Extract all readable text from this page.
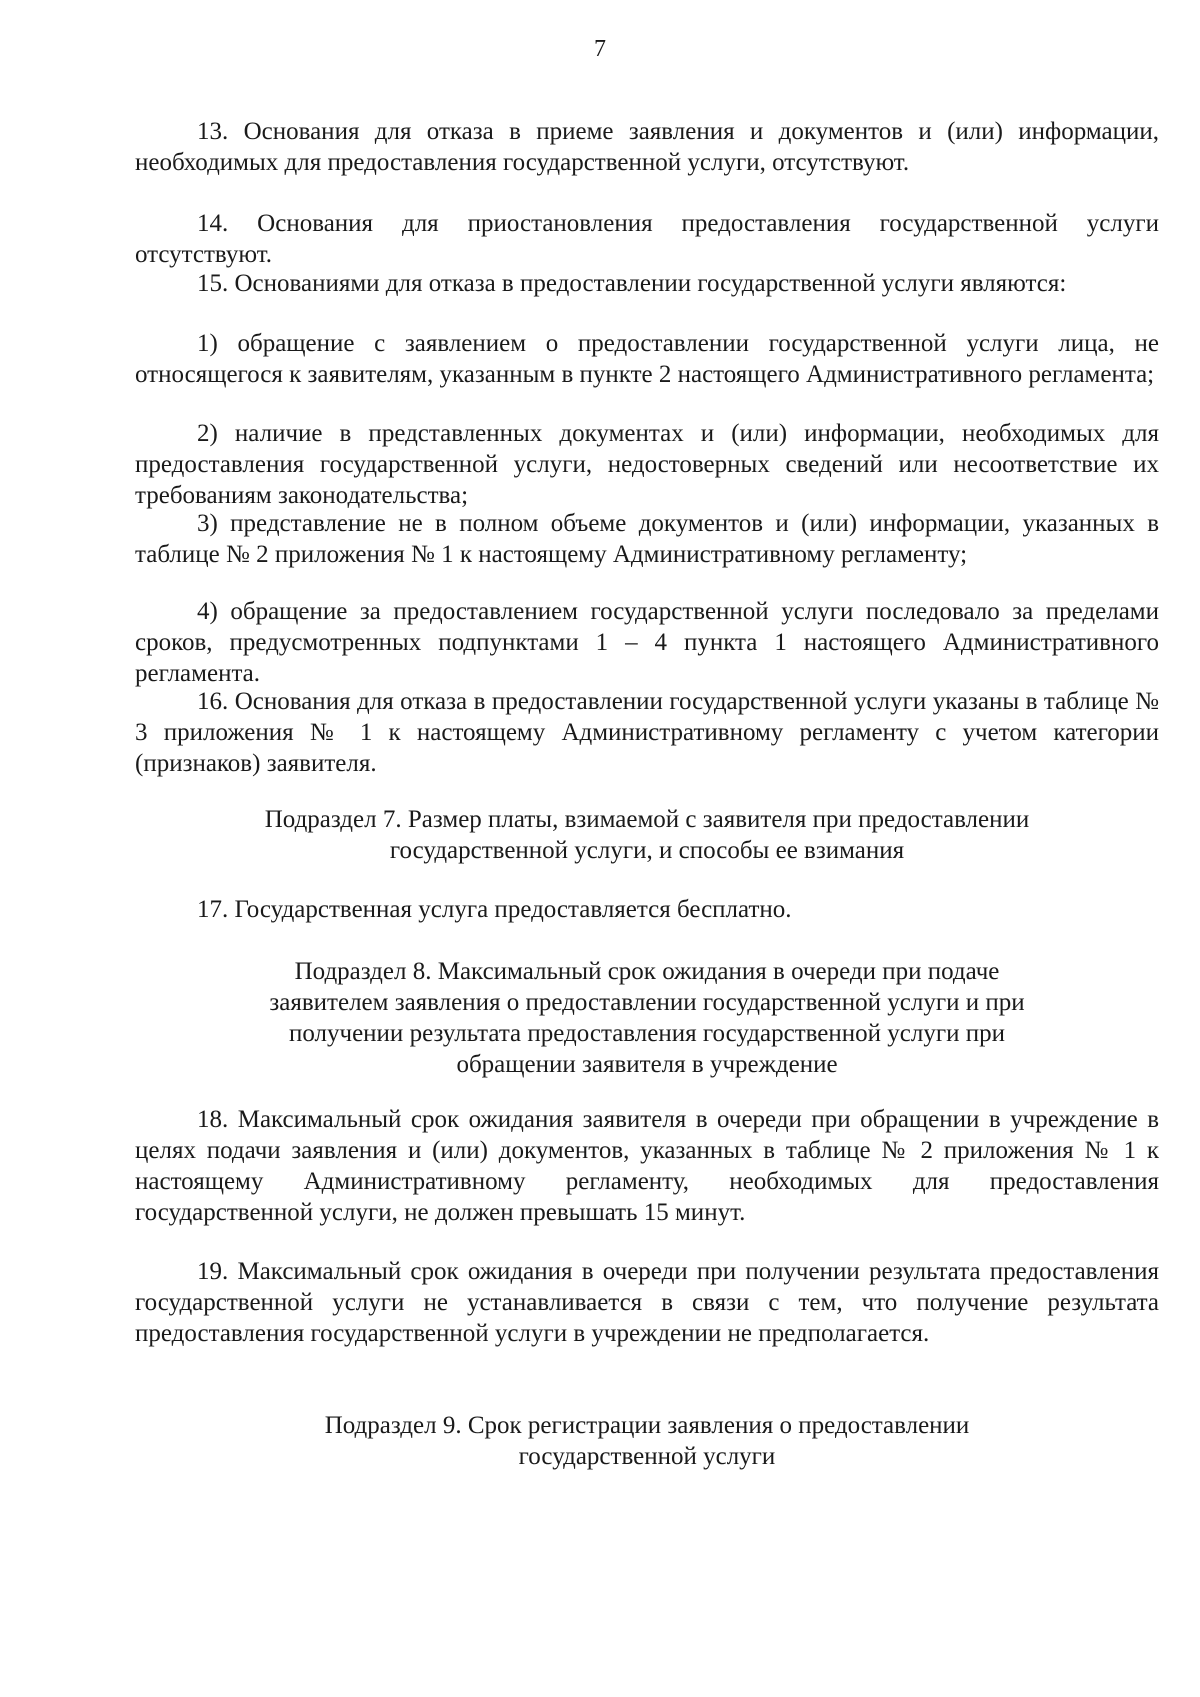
7

13. Основания для отказа в приеме заявления и документов и (или) информации, необходимых для предоставления государственной услуги, отсутствуют.

14. Основания для приостановления предоставления государственной услуги отсутствуют.

15. Основаниями для отказа в предоставлении государственной услуги являются:

1) обращение с заявлением о предоставлении государственной услуги лица, не относящегося к заявителям, указанным в пункте 2 настоящего Административного регламента;

2) наличие в представленных документах и (или) информации, необходимых для предоставления государственной услуги, недостоверных сведений или несоответствие их требованиям законодательства;

3) представление не в полном объеме документов и (или) информации, указанных в таблице № 2 приложения № 1 к настоящему Административному регламенту;

4) обращение за предоставлением государственной услуги последовало за пределами сроков, предусмотренных подпунктами 1 – 4 пункта 1 настоящего Административного регламента.

16. Основания для отказа в предоставлении государственной услуги указаны в таблице № 3 приложения № 1 к настоящему Административному регламенту с учетом категории (признаков) заявителя.

Подраздел 7. Размер платы, взимаемой с заявителя при предоставлении
государственной услуги, и способы ее взимания

17. Государственная услуга предоставляется бесплатно.

Подраздел 8. Максимальный срок ожидания в очереди при подаче
заявителем заявления о предоставлении государственной услуги и при
получении результата предоставления государственной услуги при
обращении заявителя в учреждение

18. Максимальный срок ожидания заявителя в очереди при обращении в учреждение в целях подачи заявления и (или) документов, указанных в таблице № 2 приложения № 1 к настоящему Административному регламенту, необходимых для предоставления государственной услуги, не должен превышать 15 минут.

19. Максимальный срок ожидания в очереди при получении результата предоставления государственной услуги не устанавливается в связи с тем, что получение результата предоставления государственной услуги в учреждении не предполагается.

Подраздел 9. Срок регистрации заявления о предоставлении
государственной услуги
